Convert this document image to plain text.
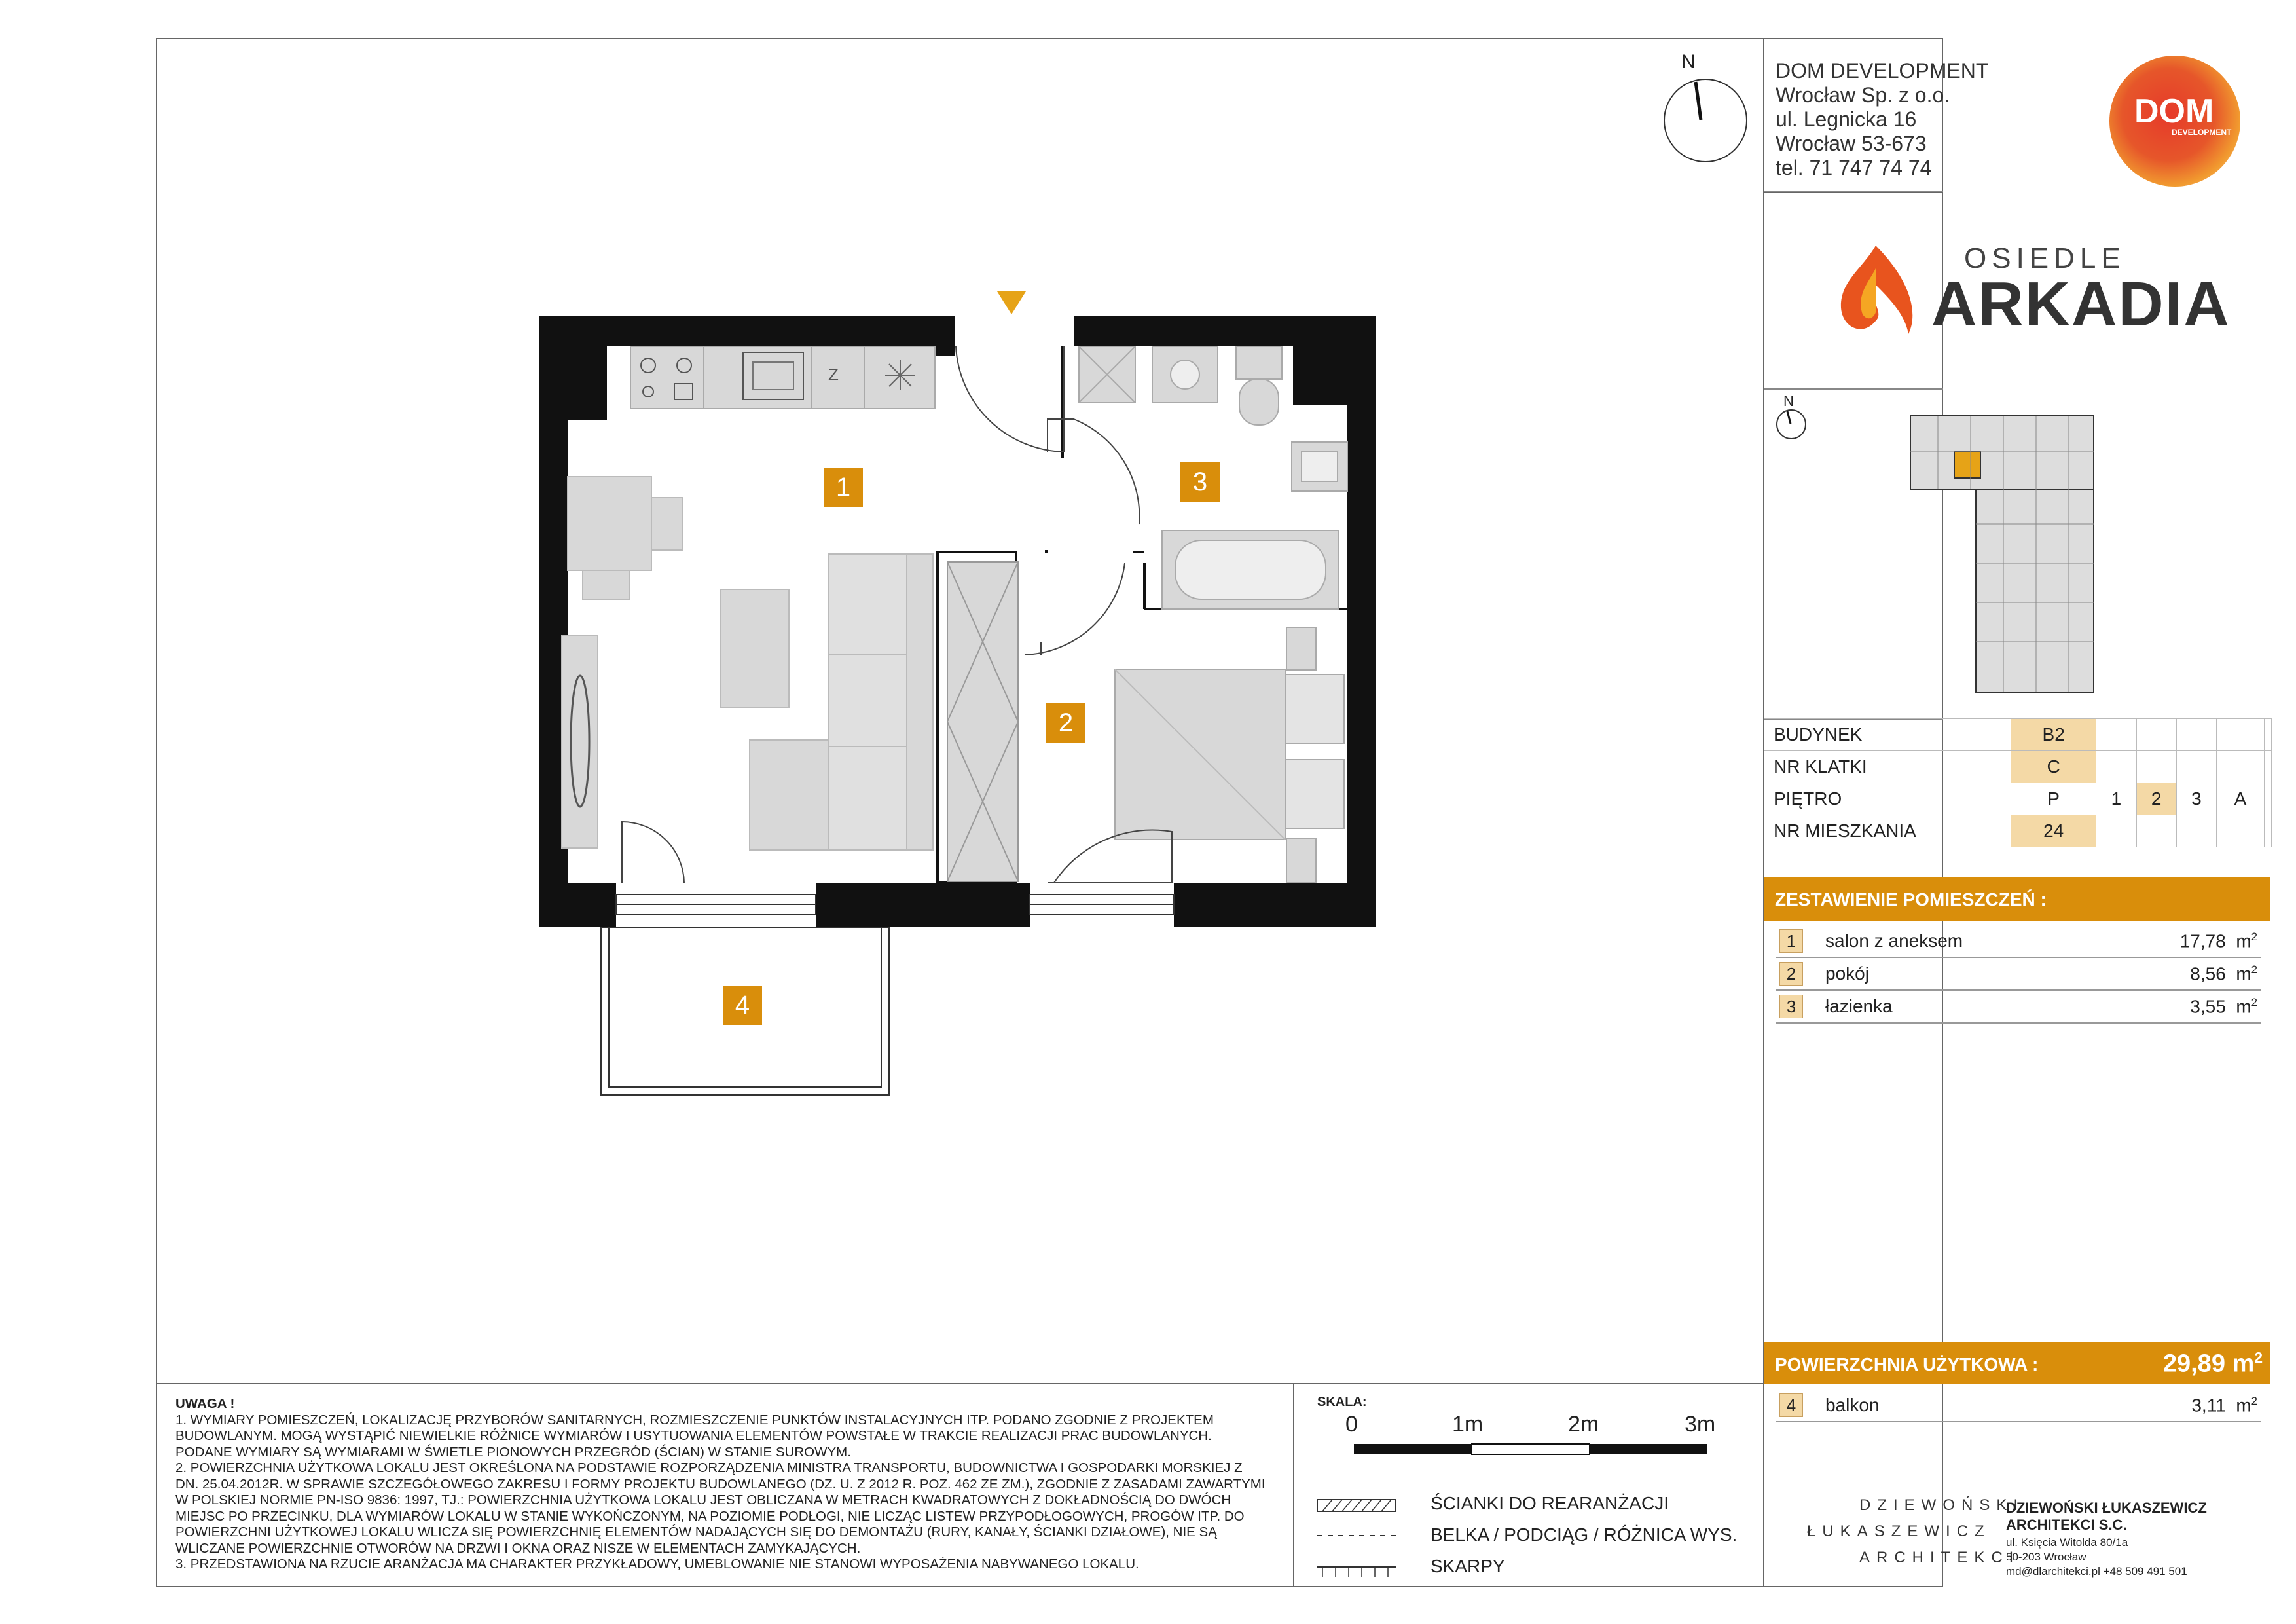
N	DOM DEVELOPMENT
Wrocław Sp. z o.o.
ul. Legnicka 16
Wrocław 53-673
tel. 71 747 74 74
DOM
DEVELOPMENT
OSIEDLE
ARKADIA
N
BUDYNEK	B2							
NR KLATKI	C							
PIĘTRO	P	1	2	3	A			
NR MIESZKANIA	24							
ZESTAWIENIE POMIESZCZEŃ :
1	salon z aneksem	17,78 $m^2$
2	pokój	8,56 $m^2$
3	łazienka	3,55 $m^2$
POWIERZCHNIA UŻYTKOWA :	29,89 $m^2$
4	balkon	3,11 $m^2$
1
2
3
4
Z
UWAGA !
1. WYMIARY POMIESZCZEŃ, LOKALIZACJĘ PRZYBORÓW SANITARNYCH, ROZMIESZCZENIE PUNKTÓW INSTALACYJNYCH ITP. PODANO ZGODNIE Z PROJEKTEM BUDOWLANYM. MOGĄ WYSTĄPIĆ NIEWIELKIE RÓŻNICE WYMIARÓW I USYTUOWANIA ELEMENTÓW POWSTAŁE W TRAKCIE REALIZACJI PRAC BUDOWLANYCH. PODANE WYMIARY SĄ WYMIARAMI W ŚWIETLE PIONOWYCH PRZEGRÓD (ŚCIAN) W STANIE SUROWYM.
2. POWIERZCHNIA UŻYTKOWA LOKALU JEST OKREŚLONA NA PODSTAWIE ROZPORZĄDZENIA MINISTRA TRANSPORTU, BUDOWNICTWA I GOSPODARKI MORSKIEJ Z DN. 25.04.2012R. W SPRAWIE SZCZEGÓŁOWEGO ZAKRESU I FORMY PROJEKTU BUDOWLANEGO (DZ. U. Z 2012 R. POZ. 462 ZE ZM.), ZGODNIE Z ZASADAMI ZAWARTYMI W POLSKIEJ NORMIE PN-ISO 9836: 1997, TJ.: POWIERZCHNIA UŻYTKOWA LOKALU JEST OBLICZANA W METRACH KWADRATOWYCH Z DOKŁADNOŚCIĄ DO DWÓCH MIEJSC PO PRZECINKU, DLA WYMIARÓW LOKALU W STANIE WYKOŃCZONYM, NA POZIOMIE PODŁOGI, NIE LICZĄC LISTEW PRZYPODŁOGOWYCH, PROGÓW ITP. DO POWIERZCHNI UŻYTKOWEJ LOKALU WLICZA SIĘ POWIERZCHNIĘ ELEMENTÓW NADAJĄCYCH SIĘ DO DEMONTAŻU (RURY, KANAŁY, ŚCIANKI DZIAŁOWE), NIE SĄ WLICZANE POWIERZCHNIE OTWORÓW NA DRZWI I OKNA ORAZ NISZE W ELEMENTACH ZAMYKAJĄCYCH.
3. PRZEDSTAWIONA NA RZUCIE ARANŻACJA MA CHARAKTER PRZYKŁADOWY, UMEBLOWANIE NIE STANOWI WYPOSAŻENIA NABYWANEGO LOKALU.
SKALA:
0	1m	2m	3m
ŚCIANKI DO REARANŻACJI
BELKA / PODCIĄG / RÓŻNICA WYS.
SKARPY
DZIEWOŃSKI
ŁUKASZEWICZ
ARCHITEKCI
DZIEWOŃSKI ŁUKASZEWICZ
ARCHITEKCI S.C.
ul. Księcia Witolda 80/1a
50-203 Wrocław
md@dlarchitekci.pl +48 509 491 501
